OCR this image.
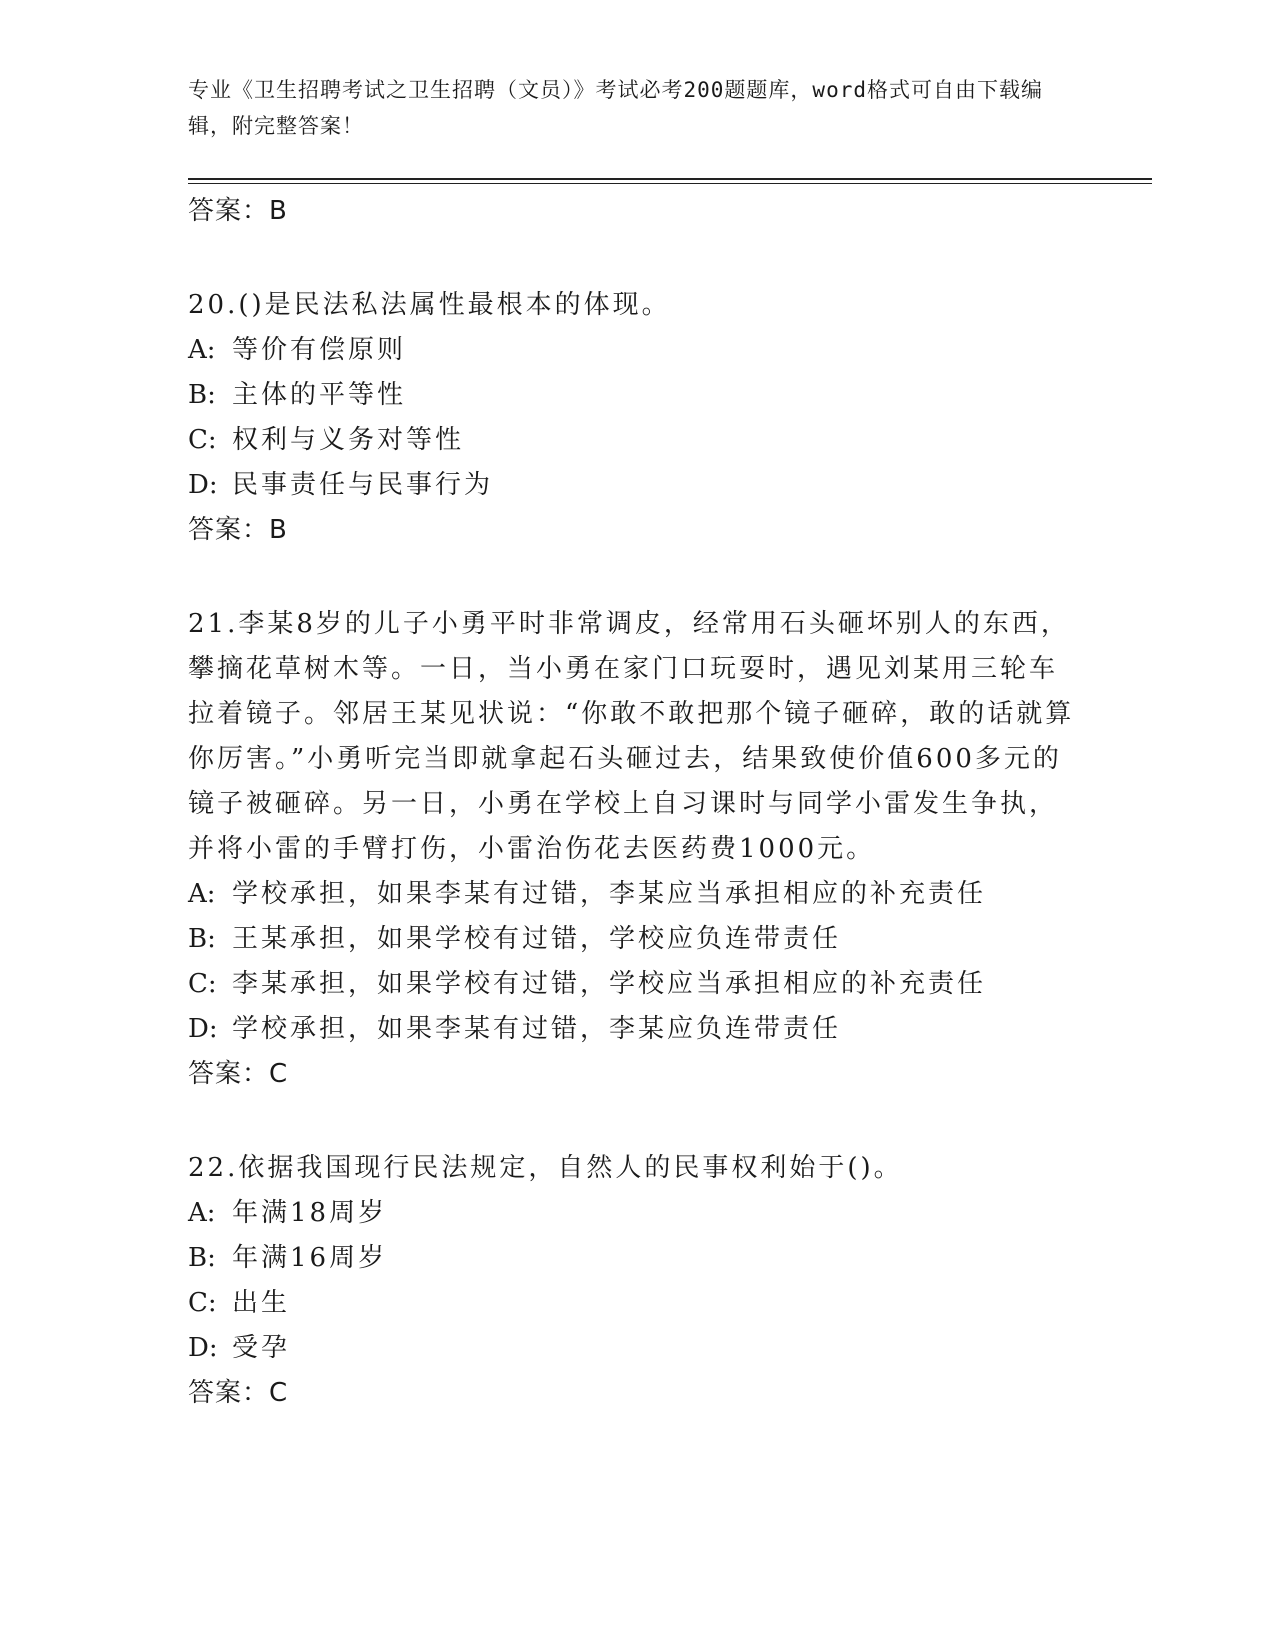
专业《卫生招聘考试之卫生招聘（文员）》考试必考200题题库，word格式可自由下载编辑，附完整答案！
答案：B
20.()是民法私法属性最根本的体现。
A: 等价有偿原则
B: 主体的平等性
C: 权利与义务对等性
D: 民事责任与民事行为
答案：B
21.李某8岁的儿子小勇平时非常调皮，经常用石头砸坏别人的东西，攀摘花草树木等。一日，当小勇在家门口玩耍时，遇见刘某用三轮车拉着镜子。邻居王某见状说：“你敢不敢把那个镜子砸碎，敢的话就算你厉害。”小勇听完当即就拿起石头砸过去，结果致使价值600多元的镜子被砸碎。另一日，小勇在学校上自习课时与同学小雷发生争执，并将小雷的手臂打伤，小雷治伤花去医药费1000元。
A: 学校承担，如果李某有过错，李某应当承担相应的补充责任
B: 王某承担，如果学校有过错，学校应负连带责任
C: 李某承担，如果学校有过错，学校应当承担相应的补充责任
D: 学校承担，如果李某有过错，李某应负连带责任
答案：C
22.依据我国现行民法规定，自然人的民事权利始于()。
A: 年满18周岁
B: 年满16周岁
C: 出生
D: 受孕
答案：C
